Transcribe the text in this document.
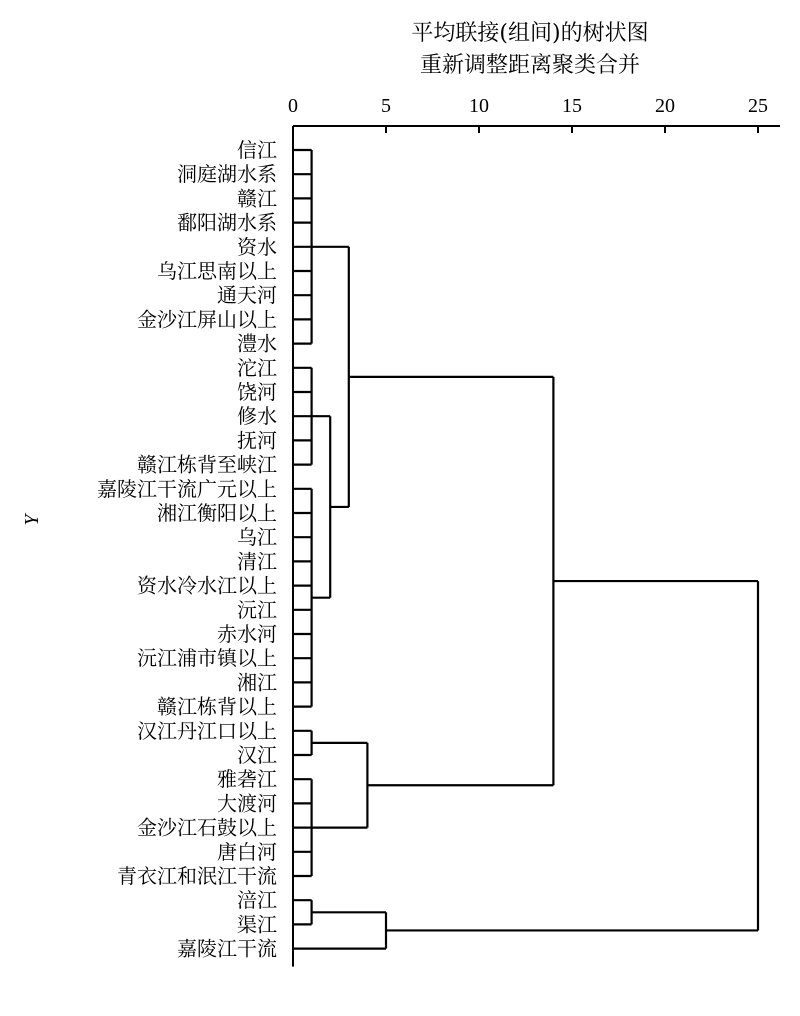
平均联接(组间)的树状图
重新调整距离聚类合并
Y
0	5	10	15	20	25
信江
洞庭湖水系
赣江
鄱阳湖水系
资水
乌江思南以上
通天河
金沙江屏山以上
澧水
沱江
饶河
修水
抚河
赣江栋背至峡江
嘉陵江干流广元以上
湘江衡阳以上
乌江
清江
资水冷水江以上
沅江
赤水河
沅江浦市镇以上
湘江
赣江栋背以上
汉江丹江口以上
汉江
雅砻江
大渡河
金沙江石鼓以上
唐白河
青衣江和泯江干流
涪江
渠江
嘉陵江干流
